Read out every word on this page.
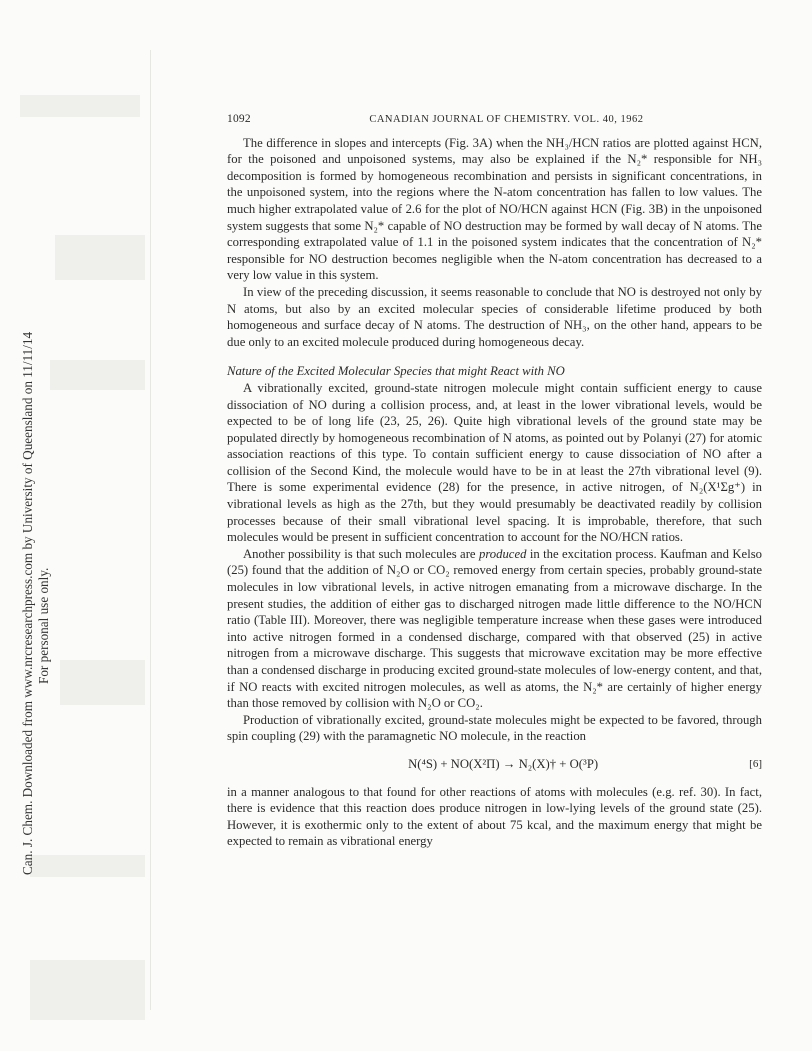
Can. J. Chem. Downloaded from www.nrcresearchpress.com by University of Queensland on 11/11/14 For personal use only.
1092	CANADIAN JOURNAL OF CHEMISTRY. VOL. 40, 1962

The difference in slopes and intercepts (Fig. 3A) when the NH₃/HCN ratios are plotted against HCN, for the poisoned and unpoisoned systems, may also be explained if the N₂* responsible for NH₃ decomposition is formed by homogeneous recombination and persists in significant concentrations, in the unpoisoned system, into the regions where the N-atom concentration has fallen to low values. The much higher extrapolated value of 2.6 for the plot of NO/HCN against HCN (Fig. 3B) in the unpoisoned system suggests that some N₂* capable of NO destruction may be formed by wall decay of N atoms. The corresponding extrapolated value of 1.1 in the poisoned system indicates that the concentration of N₂* responsible for NO destruction becomes negligible when the N-atom concentration has decreased to a very low value in this system.

In view of the preceding discussion, it seems reasonable to conclude that NO is destroyed not only by N atoms, but also by an excited molecular species of considerable lifetime produced by both homogeneous and surface decay of N atoms. The destruction of NH₃, on the other hand, appears to be due only to an excited molecule produced during homogeneous decay.

Nature of the Excited Molecular Species that might React with NO

A vibrationally excited, ground-state nitrogen molecule might contain sufficient energy to cause dissociation of NO during a collision process, and, at least in the lower vibrational levels, would be expected to be of long life (23, 25, 26). Quite high vibrational levels of the ground state may be populated directly by homogeneous recombination of N atoms, as pointed out by Polanyi (27) for atomic association reactions of this type. To contain sufficient energy to cause dissociation of NO after a collision of the Second Kind, the molecule would have to be in at least the 27th vibrational level (9). There is some experimental evidence (28) for the presence, in active nitrogen, of N₂(X¹Σg⁺) in vibrational levels as high as the 27th, but they would presumably be deactivated readily by collision processes because of their small vibrational level spacing. It is improbable, therefore, that such molecules would be present in sufficient concentration to account for the NO/HCN ratios.

Another possibility is that such molecules are produced in the excitation process. Kaufman and Kelso (25) found that the addition of N₂O or CO₂ removed energy from certain species, probably ground-state molecules in low vibrational levels, in active nitrogen emanating from a microwave discharge. In the present studies, the addition of either gas to discharged nitrogen made little difference to the NO/HCN ratio (Table III). Moreover, there was negligible temperature increase when these gases were introduced into active nitrogen formed in a condensed discharge, compared with that observed (25) in active nitrogen from a microwave discharge. This suggests that microwave excitation may be more effective than a condensed discharge in producing excited ground-state molecules of low-energy content, and that, if NO reacts with excited nitrogen molecules, as well as atoms, the N₂* are certainly of higher energy than those removed by collision with N₂O or CO₂.

Production of vibrationally excited, ground-state molecules might be expected to be favored, through spin coupling (29) with the paramagnetic NO molecule, in the reaction

N(⁴S) + NO(X²Π) → N₂(X)† + O(³P)	[6]

in a manner analogous to that found for other reactions of atoms with molecules (e.g. ref. 30). In fact, there is evidence that this reaction does produce nitrogen in low-lying levels of the ground state (25). However, it is exothermic only to the extent of about 75 kcal, and the maximum energy that might be expected to remain as vibrational energy
